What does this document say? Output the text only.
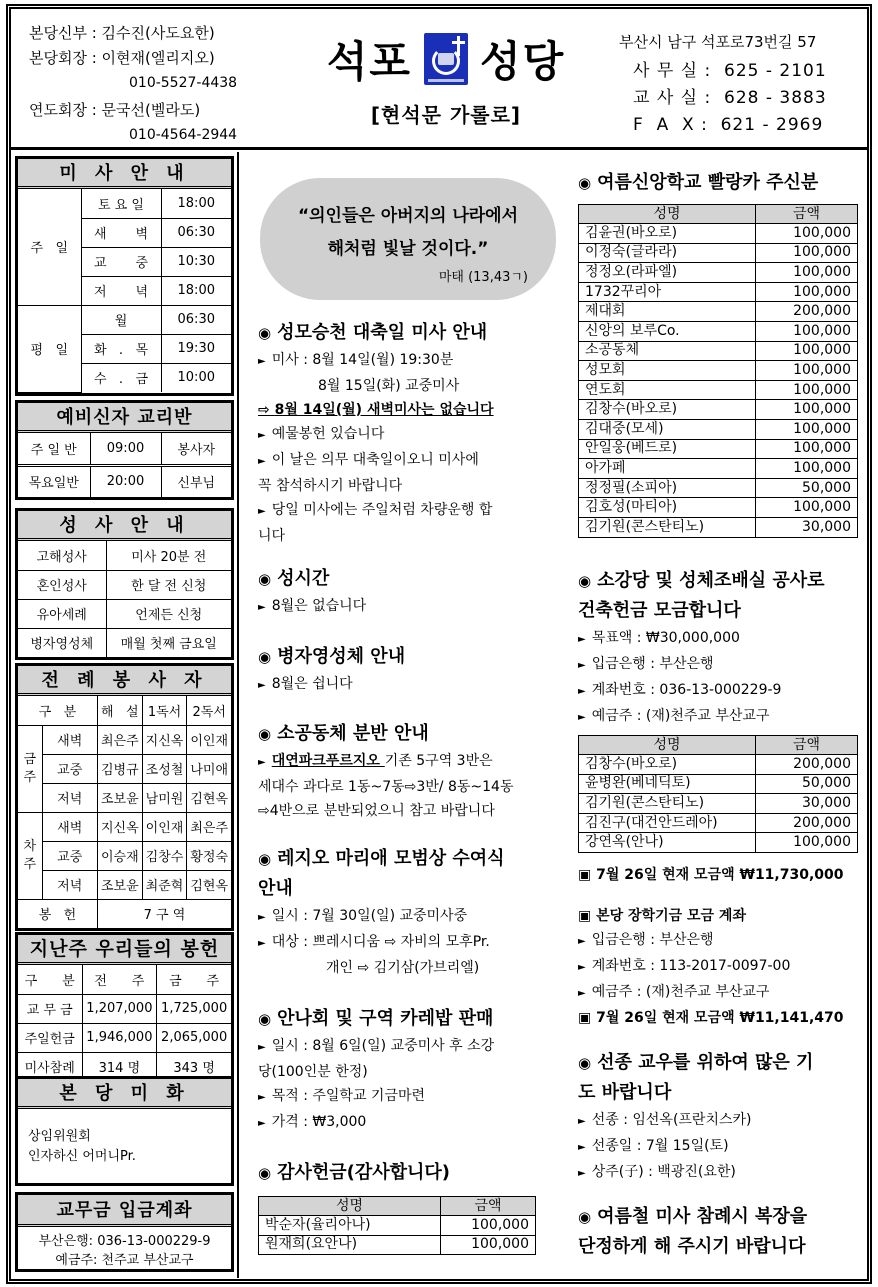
본당신부 : 김수진(사도요한)
본당회장 : 이현재(엘리지오)
010-5527-4438
연도회장 : 문국선(벨라도)
010-4564-2944
석포 성당
[현석문 가롤로]
부산시 남구 석포로73번길 57
사 무 실 :  625 - 2101
교 사 실 :  628 - 3883
F  A  X :  621 - 2969
미 사 안 내
주   일	토 요 일	18:00
	새       벽	06:30
	교       중	10:30
	저       녁	18:00
평   일	월	06:30
	화   .   목	19:30
	수   .   금	10:00
예비신자 교리반
주 일 반	09:00	봉사자
목요일반	20:00	신부님
성 사 안 내
고해성사	미사 20분 전
혼인성사	한 달 전 신청
유아세례	언제든 신청
병자영성체	매월 첫째 금요일
전 례 봉 사 자
구   분		해   설	1독서	2독서
금주	새벽	최은주	지신옥	이인재
	교중	김병규	조성철	나미애
	저녁	조보윤	남미원	김현옥
차주	새벽	지신옥	이인재	최은주
	교중	이승재	김창수	황정숙
	저녁	조보윤	최준혁	김현옥
봉   헌		7 구 역		
지난주 우리들의 봉헌
구      분	전      주	금      주
교 무 금	1,207,000	1,725,000
주일헌금	1,946,000	2,065,000
미사참례	314 명	343 명
본 당 미 화
상임위원회
인자하신 어머니Pr.
교무금 입금계좌
부산은행: 036-13-000229-9
예금주: 천주교 부산교구
“의인들은 아버지의 나라에서
해처럼 빛날 것이다.”
마태 (13,43ㄱ)
◉ 성모승천 대축일 미사 안내
► 미사 : 8월 14일(월) 19:30분
8월 15일(화) 교중미사
⇨ 8월 14일(월) 새벽미사는 없습니다
► 예물봉헌 있습니다
► 이 날은 의무 대축일이오니 미사에
꼭 참석하시기 바랍니다
► 당일 미사에는 주일처럼 차량운행 합
니다
◉ 성시간
► 8월은 없습니다
◉ 병자영성체 안내
► 8월은 쉽니다
◉ 소공동체 분반 안내
► 대연파크푸르지오 기존 5구역 3반은
세대수 과다로 1동~7동⇨3반/ 8동~14동
⇨4반으로 분반되었으니 참고 바랍니다
◉ 레지오 마리애 모범상 수여식
안내
► 일시 : 7월 30일(일) 교중미사중
► 대상 : 쁘레시디움 ⇨ 자비의 모후Pr.
개인 ⇨ 김기삼(가브리엘)
◉ 안나회 및 구역 카레밥 판매
► 일시 : 8월 6일(일) 교중미사 후 소강
당(100인분 한정)
► 목적 : 주일학교 기금마련
► 가격 : ₩3,000
◉ 감사헌금(감사합니다)
성명	금액
박순자(율리아나)	100,000
원재희(요안나)	100,000
◉ 여름신앙학교 빨랑카 주신분
성명	금액
김윤권(바오로)	100,000
이정숙(글라라)	100,000
정정오(라파엘)	100,000
1732꾸리아	100,000
제대회	200,000
신앙의 보루Co.	100,000
소공동체	100,000
성모회	100,000
연도회	100,000
김창수(바오로)	100,000
김대중(모세)	100,000
안일웅(베드로)	100,000
아가페	100,000
정정필(소피아)	50,000
김호성(마티아)	100,000
김기원(콘스탄티노)	30,000
◉ 소강당 및 성체조배실 공사로
건축헌금 모금합니다
► 목표액 : ₩30,000,000
► 입금은행 : 부산은행
► 계좌번호 : 036-13-000229-9
► 예금주 : (재)천주교 부산교구
성명	금액
김창수(바오로)	200,000
윤병완(베네딕토)	50,000
김기원(콘스탄티노)	30,000
김진구(대건안드레아)	200,000
강연옥(안나)	100,000
▣ 7월 26일 현재 모금액 ₩11,730,000
▣ 본당 장학기금 모금 계좌
► 입금은행 : 부산은행
► 계좌번호 : 113-2017-0097-00
► 예금주 : (재)천주교 부산교구
▣ 7월 26일 현재 모금액 ₩11,141,470
◉ 선종 교우를 위하여 많은 기
도 바랍니다
► 선종 : 임선옥(프란치스카)
► 선종일 : 7월 15일(토)
► 상주(子) : 백광진(요한)
◉ 여름철 미사 참례시 복장을
단정하게 해 주시기 바랍니다
